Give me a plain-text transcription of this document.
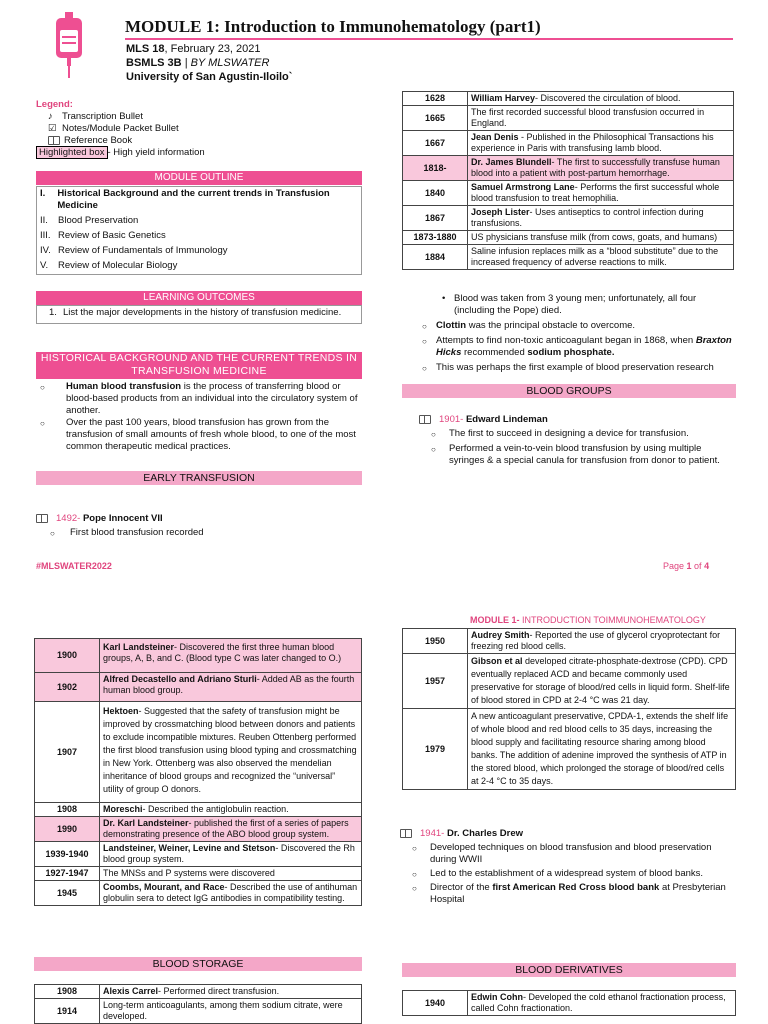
MODULE 1: Introduction to Immunohematology (part1)
MLS 18, February 23, 2021
BSMLS 3B | BY MLSWATER
University of San Agustin-Iloilo`
Legend:
♪ Transcription Bullet
☑ Notes/Module Packet Bullet
Reference Book
Highlighted box - High yield information
MODULE OUTLINE
I.	Historical Background and the current trends in Transfusion Medicine
II.	Blood Preservation
III. Review of Basic Genetics
IV. Review of Fundamentals of Immunology
V.	Review of Molecular Biology
LEARNING OUTCOMES
1. List the major developments in the history of transfusion medicine.
HISTORICAL BACKGROUND AND THE CURRENT TRENDS IN TRANSFUSION MEDICINE
○ Human blood transfusion is the process of transferring blood or blood-based products from an individual into the circulatory system of another.
○ Over the past 100 years, blood transfusion has grown from the transfusion of small amounts of fresh whole blood, to one of the most common therapeutic medical practices.
EARLY TRANSFUSION
1492- Pope Innocent VII
○ First blood transfusion recorded
1628	William Harvey- Discovered the circulation of blood.
1665	The first recorded successful blood transfusion occurred in England.
1667	Jean Denis - Published in the Philosophical Transactions his experience in Paris with transfusing lamb blood.
1818-	Dr. James Blundell- The first to successfully transfuse human blood into a patient with post-partum hemorrhage.
1840	Samuel Armstrong Lane- Performs the first successful whole blood transfusion to treat hemophilia.
1867	Joseph Lister- Uses antiseptics to control infection during transfusions.
1873-1880	US physicians transfuse milk (from cows, goats, and humans)
1884	Saline infusion replaces milk as a “blood substitute” due to the increased frequency of adverse reactions to milk.
• Blood was taken from 3 young men; unfortunately, all four (including the Pope) died.
○ Clottin was the principal obstacle to overcome.
○ Attempts to find non-toxic anticoagulant began in 1868, when Braxton Hicks recommended sodium phosphate.
○ This was perhaps the first example of blood preservation research
BLOOD GROUPS
1901- Edward Lindeman
○ The first to succeed in designing a device for transfusion.
○ Performed a vein-to-vein blood transfusion by using multiple syringes & a special canula for transfusion from donor to patient.
#MLSWATER2022	Page 1 of 4
MODULE 1- INTRODUCTION TOIMMUNOHEMATOLOGY
1900	Karl Landsteiner- Discovered the first three human blood groups, A, B, and C. (Blood type C was later changed to O.)
1902	Alfred Decastello and Adriano Sturli- Added AB as the fourth human blood group.
1907	Hektoen- Suggested that the safety of transfusion might be improved by crossmatching blood between donors and patients to exclude incompatible mixtures. Reuben Ottenberg performed the first blood transfusion using blood typing and crossmatching in New York. Ottenberg was also observed the mendelian inheritance of blood groups and recognized the “universal” utility of group O donors.
1908	Moreschi- Described the antiglobulin reaction.
1990	Dr. Karl Landsteiner- published the first of a series of papers demonstrating presence of the ABO blood group system.
1939-1940	Landsteiner, Weiner, Levine and Stetson- Discovered the Rh blood group system.
1927-1947	The MNSs and P systems were discovered
1945	Coombs, Mourant, and Race- Described the use of antihuman globulin sera to detect IgG antibodies in compatibility testing.
BLOOD STORAGE
1908	Alexis Carrel- Performed direct transfusion.
1914	Long-term anticoagulants, among them sodium citrate, were developed.
1950	Audrey Smith- Reported the use of glycerol cryoprotectant for freezing red blood cells.
1957	Gibson et al developed citrate-phosphate-dextrose (CPD). CPD eventually replaced ACD and became commonly used preservative for storage of blood/red cells in liquid form. Shelf-life of blood stored in CPD at 2-4 °C was 21 day.
1979	A new anticoagulant preservative, CPDA-1, extends the shelf life of whole blood and red blood cells to 35 days, increasing the blood supply and facilitating resource sharing among blood banks. The addition of adenine improved the synthesis of ATP in the stored blood, which prolonged the storage of blood/red cells at 2-4 °C to 35 days.
1941- Dr. Charles Drew
○ Developed techniques on blood transfusion and blood preservation during WWII
○ Led to the establishment of a widespread system of blood banks.
○ Director of the first American Red Cross blood bank at Presbyterian Hospital
BLOOD DERIVATIVES
1940	Edwin Cohn- Developed the cold ethanol fractionation process, called Cohn fractionation.
